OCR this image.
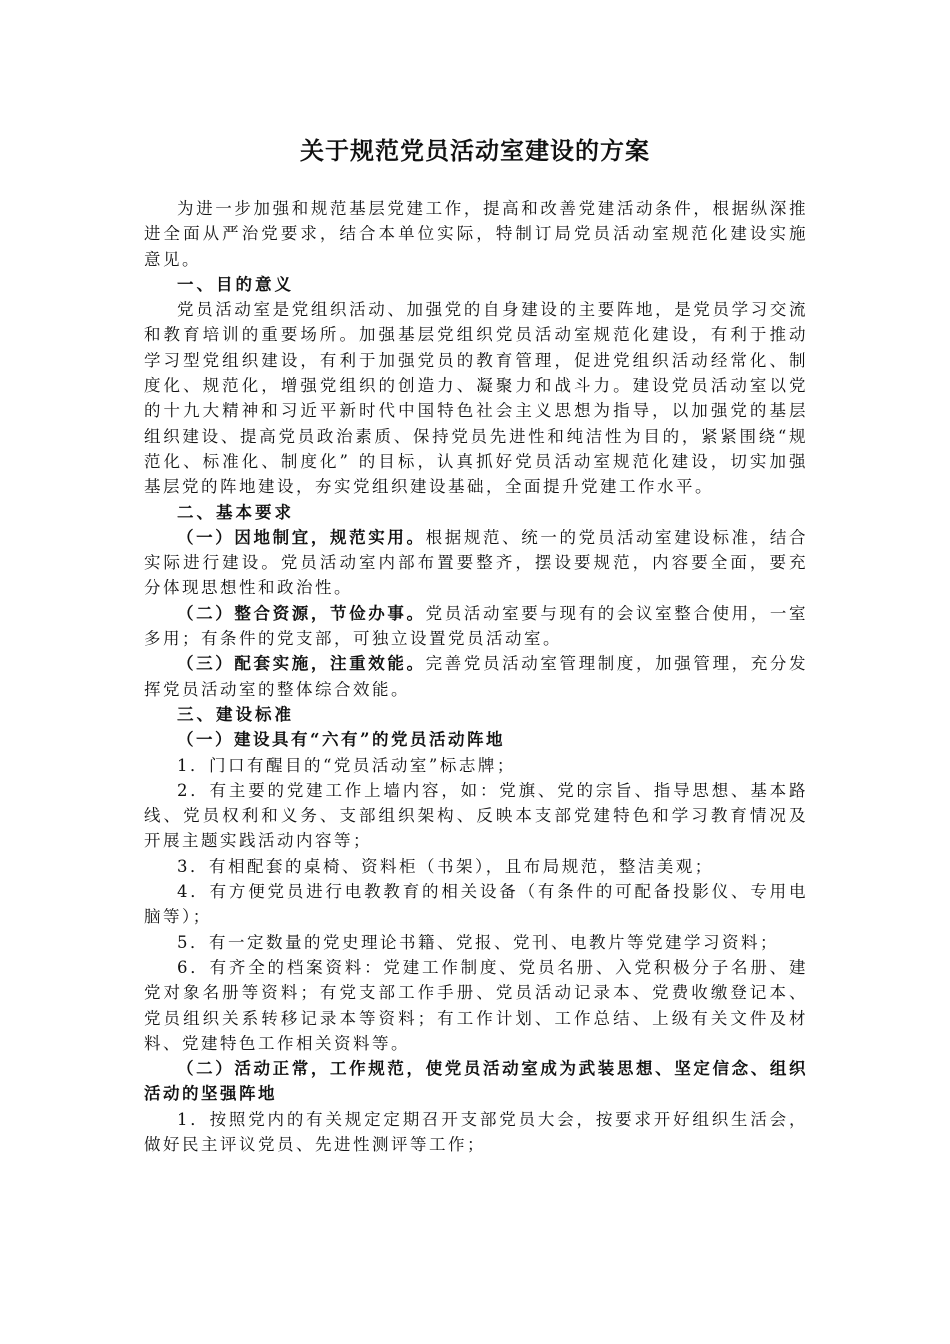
关于规范党员活动室建设的方案

为进一步加强和规范基层党建工作，提高和改善党建活动条件，根据纵深推进全面从严治党要求，结合本单位实际，特制订局党员活动室规范化建设实施意见。

一、目的意义

党员活动室是党组织活动、加强党的自身建设的主要阵地，是党员学习交流和教育培训的重要场所。加强基层党组织党员活动室规范化建设，有利于推动学习型党组织建设，有利于加强党员的教育管理，促进党组织活动经常化、制度化、规范化，增强党组织的创造力、凝聚力和战斗力。建设党员活动室以党的十九大精神和习近平新时代中国特色社会主义思想为指导，以加强党的基层组织建设、提高党员政治素质、保持党员先进性和纯洁性为目的，紧紧围绕“规范化、标准化、制度化” 的目标，认真抓好党员活动室规范化建设，切实加强基层党的阵地建设，夯实党组织建设基础，全面提升党建工作水平。

二、基本要求

（一）因地制宜，规范实用。根据规范、统一的党员活动室建设标准，结合实际进行建设。党员活动室内部布置要整齐，摆设要规范，内容要全面，要充分体现思想性和政治性。

（二）整合资源，节俭办事。党员活动室要与现有的会议室整合使用，一室多用；有条件的党支部，可独立设置党员活动室。

（三）配套实施，注重效能。完善党员活动室管理制度，加强管理，充分发挥党员活动室的整体综合效能。

三、建设标准

（一）建设具有“六有”的党员活动阵地

1．门口有醒目的“党员活动室”标志牌；

2．有主要的党建工作上墙内容，如：党旗、党的宗旨、指导思想、基本路线、党员权利和义务、支部组织架构、反映本支部党建特色和学习教育情况及开展主题实践活动内容等；

3．有相配套的桌椅、资料柜（书架），且布局规范，整洁美观；

4．有方便党员进行电教教育的相关设备（有条件的可配备投影仪、专用电脑等）；

5．有一定数量的党史理论书籍、党报、党刊、电教片等党建学习资料；

6．有齐全的档案资料：党建工作制度、党员名册、入党积极分子名册、建党对象名册等资料；有党支部工作手册、党员活动记录本、党费收缴登记本、党员组织关系转移记录本等资料；有工作计划、工作总结、上级有关文件及材料、党建特色工作相关资料等。

（二）活动正常，工作规范，使党员活动室成为武装思想、坚定信念、组织活动的坚强阵地

1．按照党内的有关规定定期召开支部党员大会，按要求开好组织生活会，做好民主评议党员、先进性测评等工作；
